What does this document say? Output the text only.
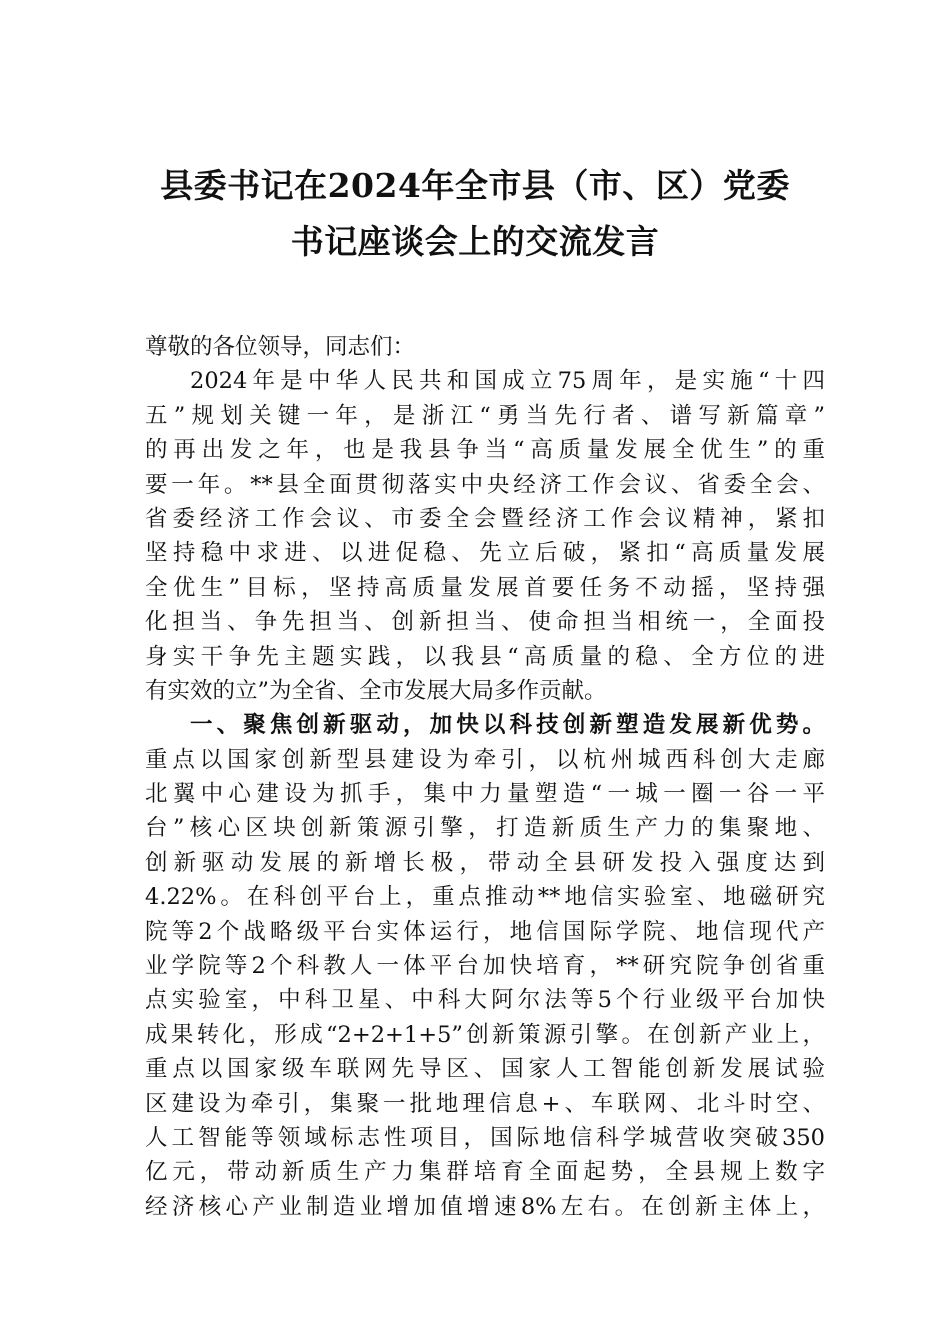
县委书记在2024年全市县（市、区）党委
书记座谈会上的交流发言
尊敬的各位领导，同志们：
2024年是中华人民共和国成立75周年，是实施“十四
五”规划关键一年，是浙江“勇当先行者、谱写新篇章”
的再出发之年，也是我县争当“高质量发展全优生”的重
要一年。**县全面贯彻落实中央经济工作会议、省委全会、
省委经济工作会议、市委全会暨经济工作会议精神，紧扣
坚持稳中求进、以进促稳、先立后破，紧扣“高质量发展
全优生”目标，坚持高质量发展首要任务不动摇，坚持强
化担当、争先担当、创新担当、使命担当相统一，全面投
身实干争先主题实践，以我县“高质量的稳、全方位的进
有实效的立”为全省、全市发展大局多作贡献。
一、聚焦创新驱动，加快以科技创新塑造发展新优势。
重点以国家创新型县建设为牵引，以杭州城西科创大走廊
北翼中心建设为抓手，集中力量塑造“一城一圈一谷一平
台”核心区块创新策源引擎，打造新质生产力的集聚地、
创新驱动发展的新增长极，带动全县研发投入强度达到
4.22%。在科创平台上，重点推动**地信实验室、地磁研究
院等2个战略级平台实体运行，地信国际学院、地信现代产
业学院等2个科教人一体平台加快培育，**研究院争创省重
点实验室，中科卫星、中科大阿尔法等5个行业级平台加快
成果转化，形成“2+2+1+5”创新策源引擎。在创新产业上，
重点以国家级车联网先导区、国家人工智能创新发展试验
区建设为牵引，集聚一批地理信息+、车联网、北斗时空、
人工智能等领域标志性项目，国际地信科学城营收突破350
亿元，带动新质生产力集群培育全面起势，全县规上数字
经济核心产业制造业增加值增速8%左右。在创新主体上，
